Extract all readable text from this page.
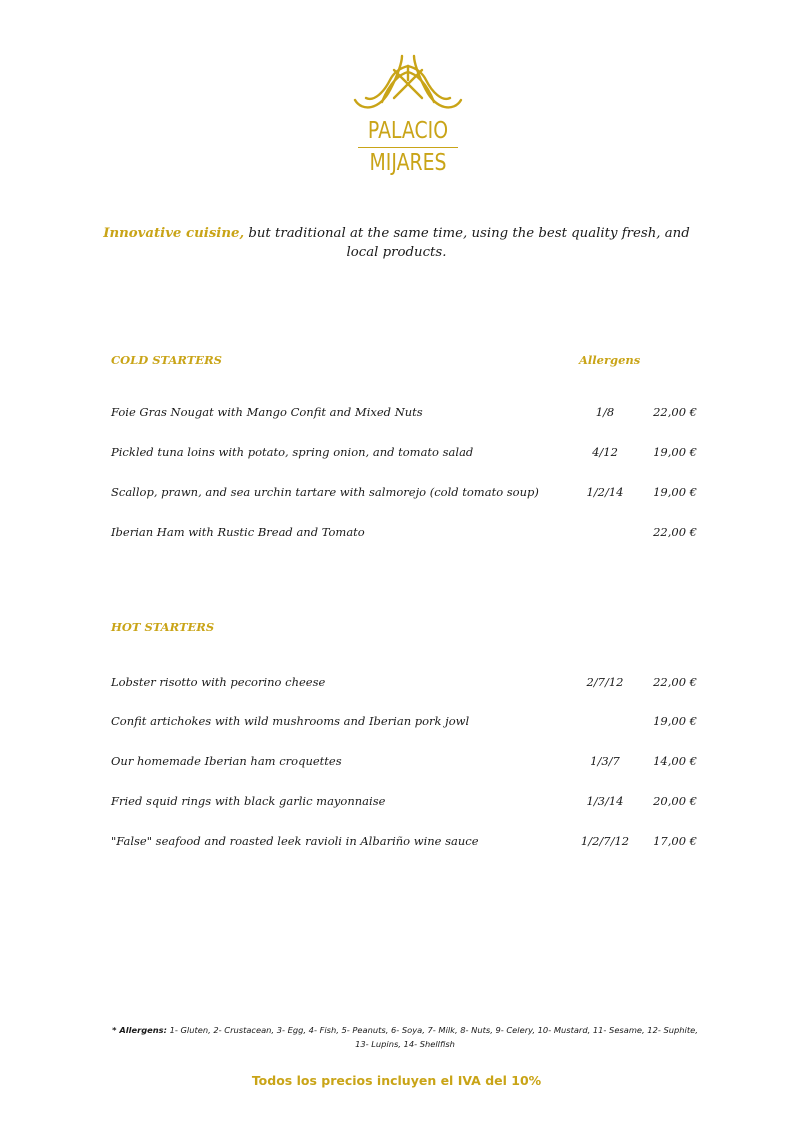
PALACIO
MIJARES
Innovative cuisine, but traditional at the same time, using the best quality fresh, and local products.
COLD STARTERS	Allergens
Foie Gras Nougat with Mango Confit and Mixed Nuts	1/8	22,00 €
Pickled tuna loins with potato, spring onion, and tomato salad	4/12	19,00 €
Scallop, prawn, and sea urchin tartare with salmorejo (cold tomato soup)	1/2/14	19,00 €
Iberian Ham with Rustic Bread and Tomato	22,00 €
HOT STARTERS
Lobster risotto with pecorino cheese	2/7/12	22,00 €
Confit artichokes with wild mushrooms and Iberian pork jowl	19,00 €
Our homemade Iberian ham croquettes	1/3/7	14,00 €
Fried squid rings with black garlic mayonnaise	1/3/14	20,00 €
"False" seafood and roasted leek ravioli in Albariño wine sauce	1/2/7/12	17,00 €
* Allergens: 1- Gluten, 2- Crustacean, 3- Egg, 4- Fish, 5- Peanuts, 6- Soya, 7- Milk, 8- Nuts, 9- Celery, 10- Mustard, 11- Sesame, 12- Suphite, 13- Lupins, 14- Shellfish
Todos los precios incluyen el IVA del 10%
